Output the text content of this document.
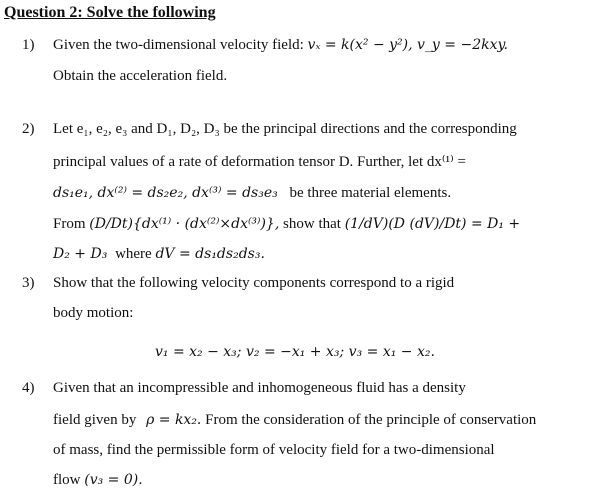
Question 2: Solve the following
1) Given the two-dimensional velocity field: vₓ = k(x² − y²), v_y = −2kxy.
Obtain the acceleration field.
2) Let e₁, e₂, e₃ and D₁, D₂, D₃ be the principal directions and the corresponding
principal values of a rate of deformation tensor D. Further, let dx⁽¹⁾ =
ds₁e₁, dx⁽²⁾ = ds₂e₂, dx⁽³⁾ = ds₃e₃ be three material elements.
From (D/Dt){dx⁽¹⁾ · (dx⁽²⁾×dx⁽³⁾)}, show that (1/dV)(D (dV)/Dt) = D₁ +
D₂ + D₃ where dV = ds₁ds₂ds₃.
3) Show that the following velocity components correspond to a rigid
body motion:
v₁ = x₂ − x₃; v₂ = −x₁ + x₃; v₃ = x₁ − x₂.
4) Given that an incompressible and inhomogeneous fluid has a density
field given by ρ = kx₂. From the consideration of the principle of conservation
of mass, find the permissible form of velocity field for a two-dimensional
flow (v₃ = 0).
